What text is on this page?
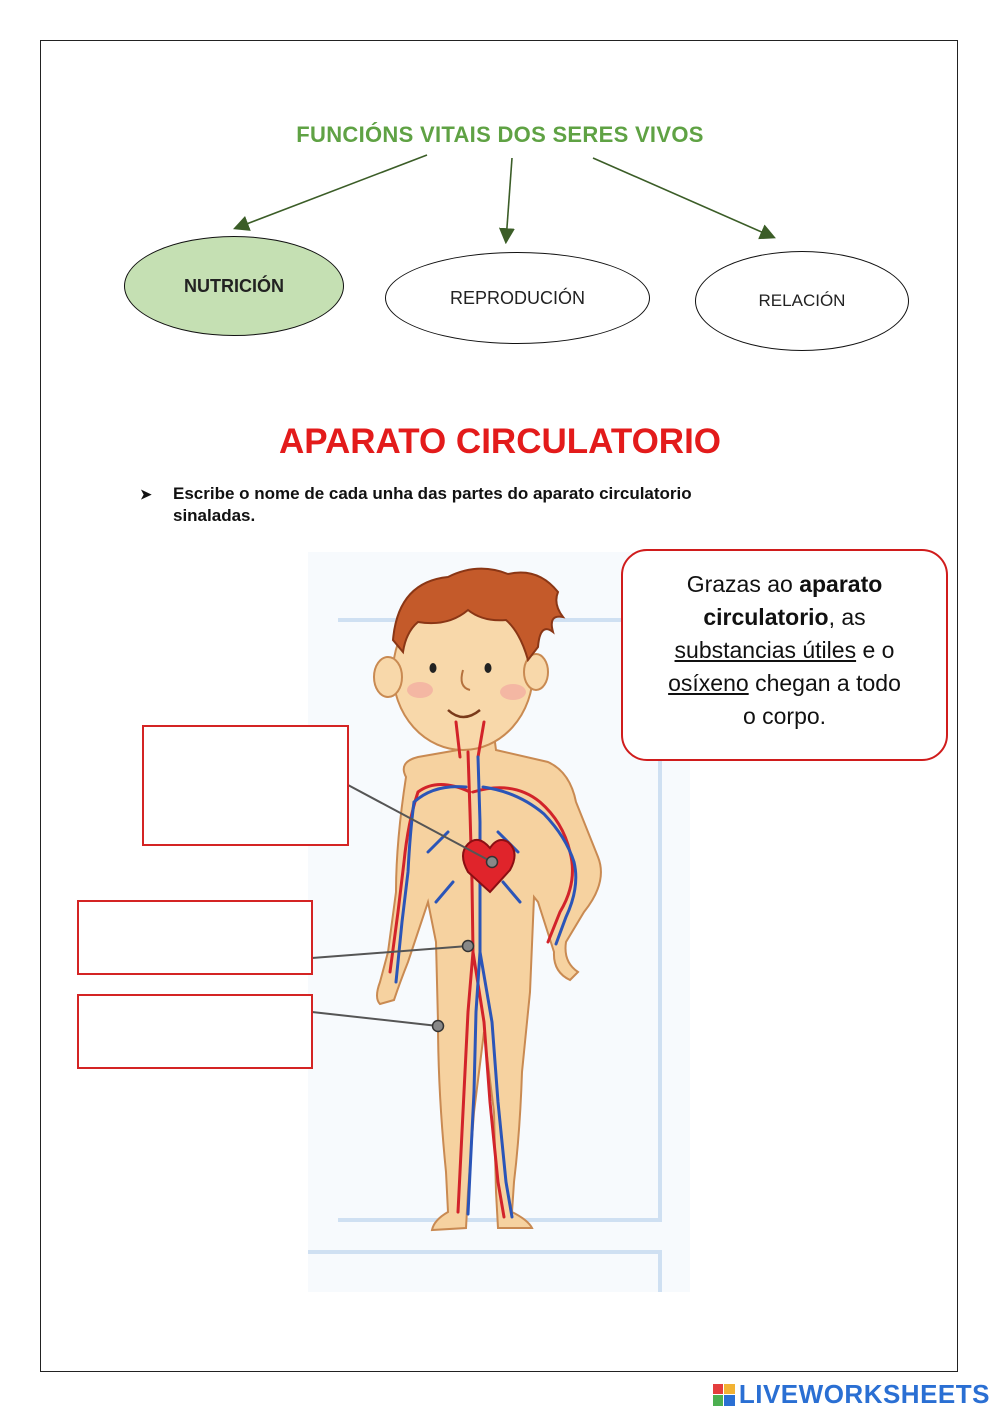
FUNCIÓNS VITAIS DOS SERES VIVOS
NUTRICIÓN
REPRODUCIÓN	RELACIÓN
APARATO CIRCULATORIO
➤ Escribe o nome de cada unha das partes do aparato circulatorio
sinaladas.
Grazas ao aparato
circulatorio, as
substancias útiles e o
osíxeno chegan a todo
o corpo.
LIVEWORKSHEETS
